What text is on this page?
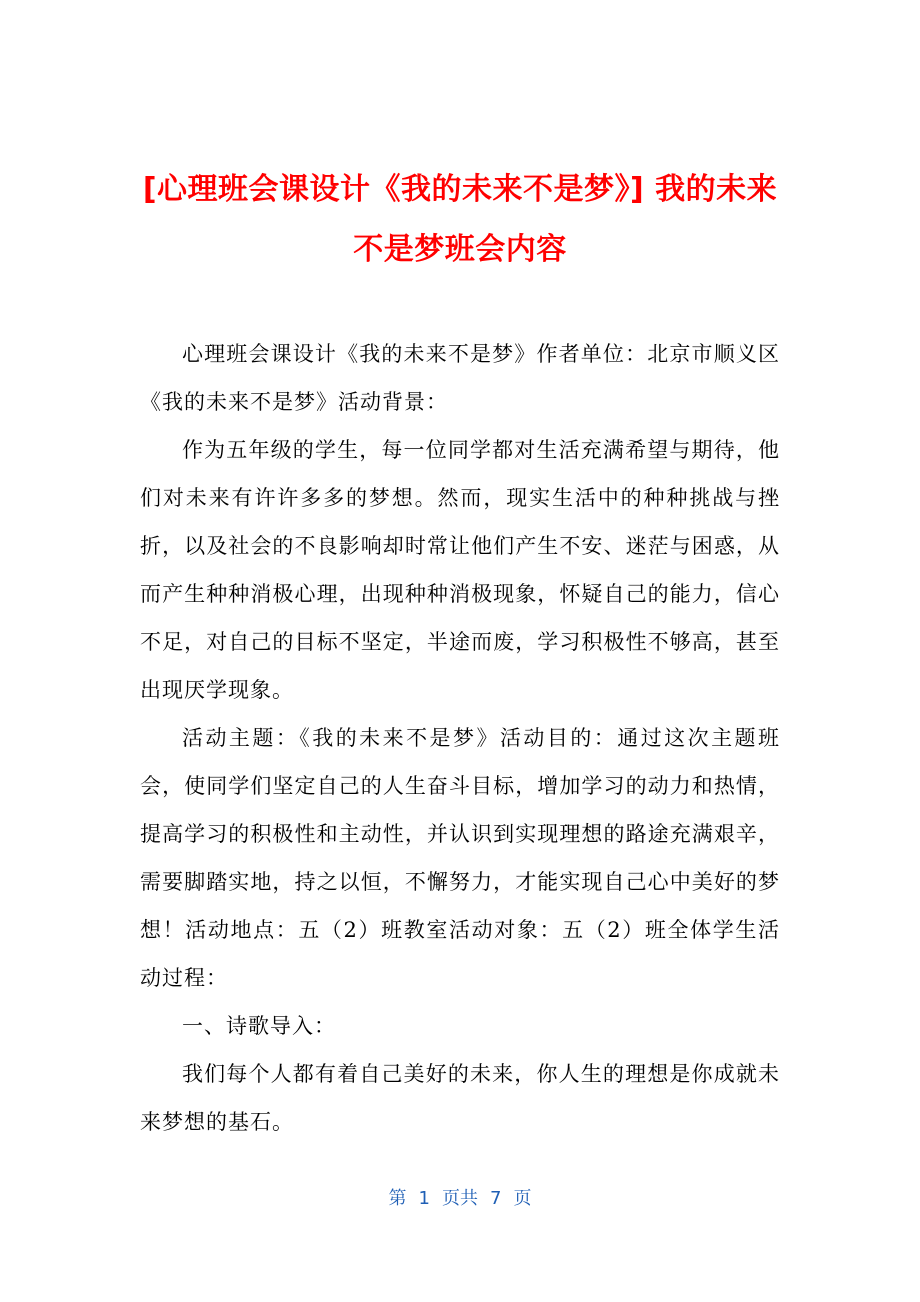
[心理班会课设计《我的未来不是梦》] 我的未来不是梦班会内容

心理班会课设计《我的未来不是梦》作者单位：北京市顺义区《我的未来不是梦》活动背景：

作为五年级的学生，每一位同学都对生活充满希望与期待，他们对未来有许许多多的梦想。然而，现实生活中的种种挑战与挫折，以及社会的不良影响却时常让他们产生不安、迷茫与困惑，从而产生种种消极心理，出现种种消极现象，怀疑自己的能力，信心不足，对自己的目标不坚定，半途而废，学习积极性不够高，甚至出现厌学现象。

活动主题：《我的未来不是梦》活动目的：通过这次主题班会，使同学们坚定自己的人生奋斗目标，增加学习的动力和热情，提高学习的积极性和主动性，并认识到实现理想的路途充满艰辛，需要脚踏实地，持之以恒，不懈努力，才能实现自己心中美好的梦想！活动地点：五（2）班教室活动对象：五（2）班全体学生活动过程：

一、诗歌导入：

我们每个人都有着自己美好的未来，你人生的理想是你成就未来梦想的基石。

第 1 页共 7 页
